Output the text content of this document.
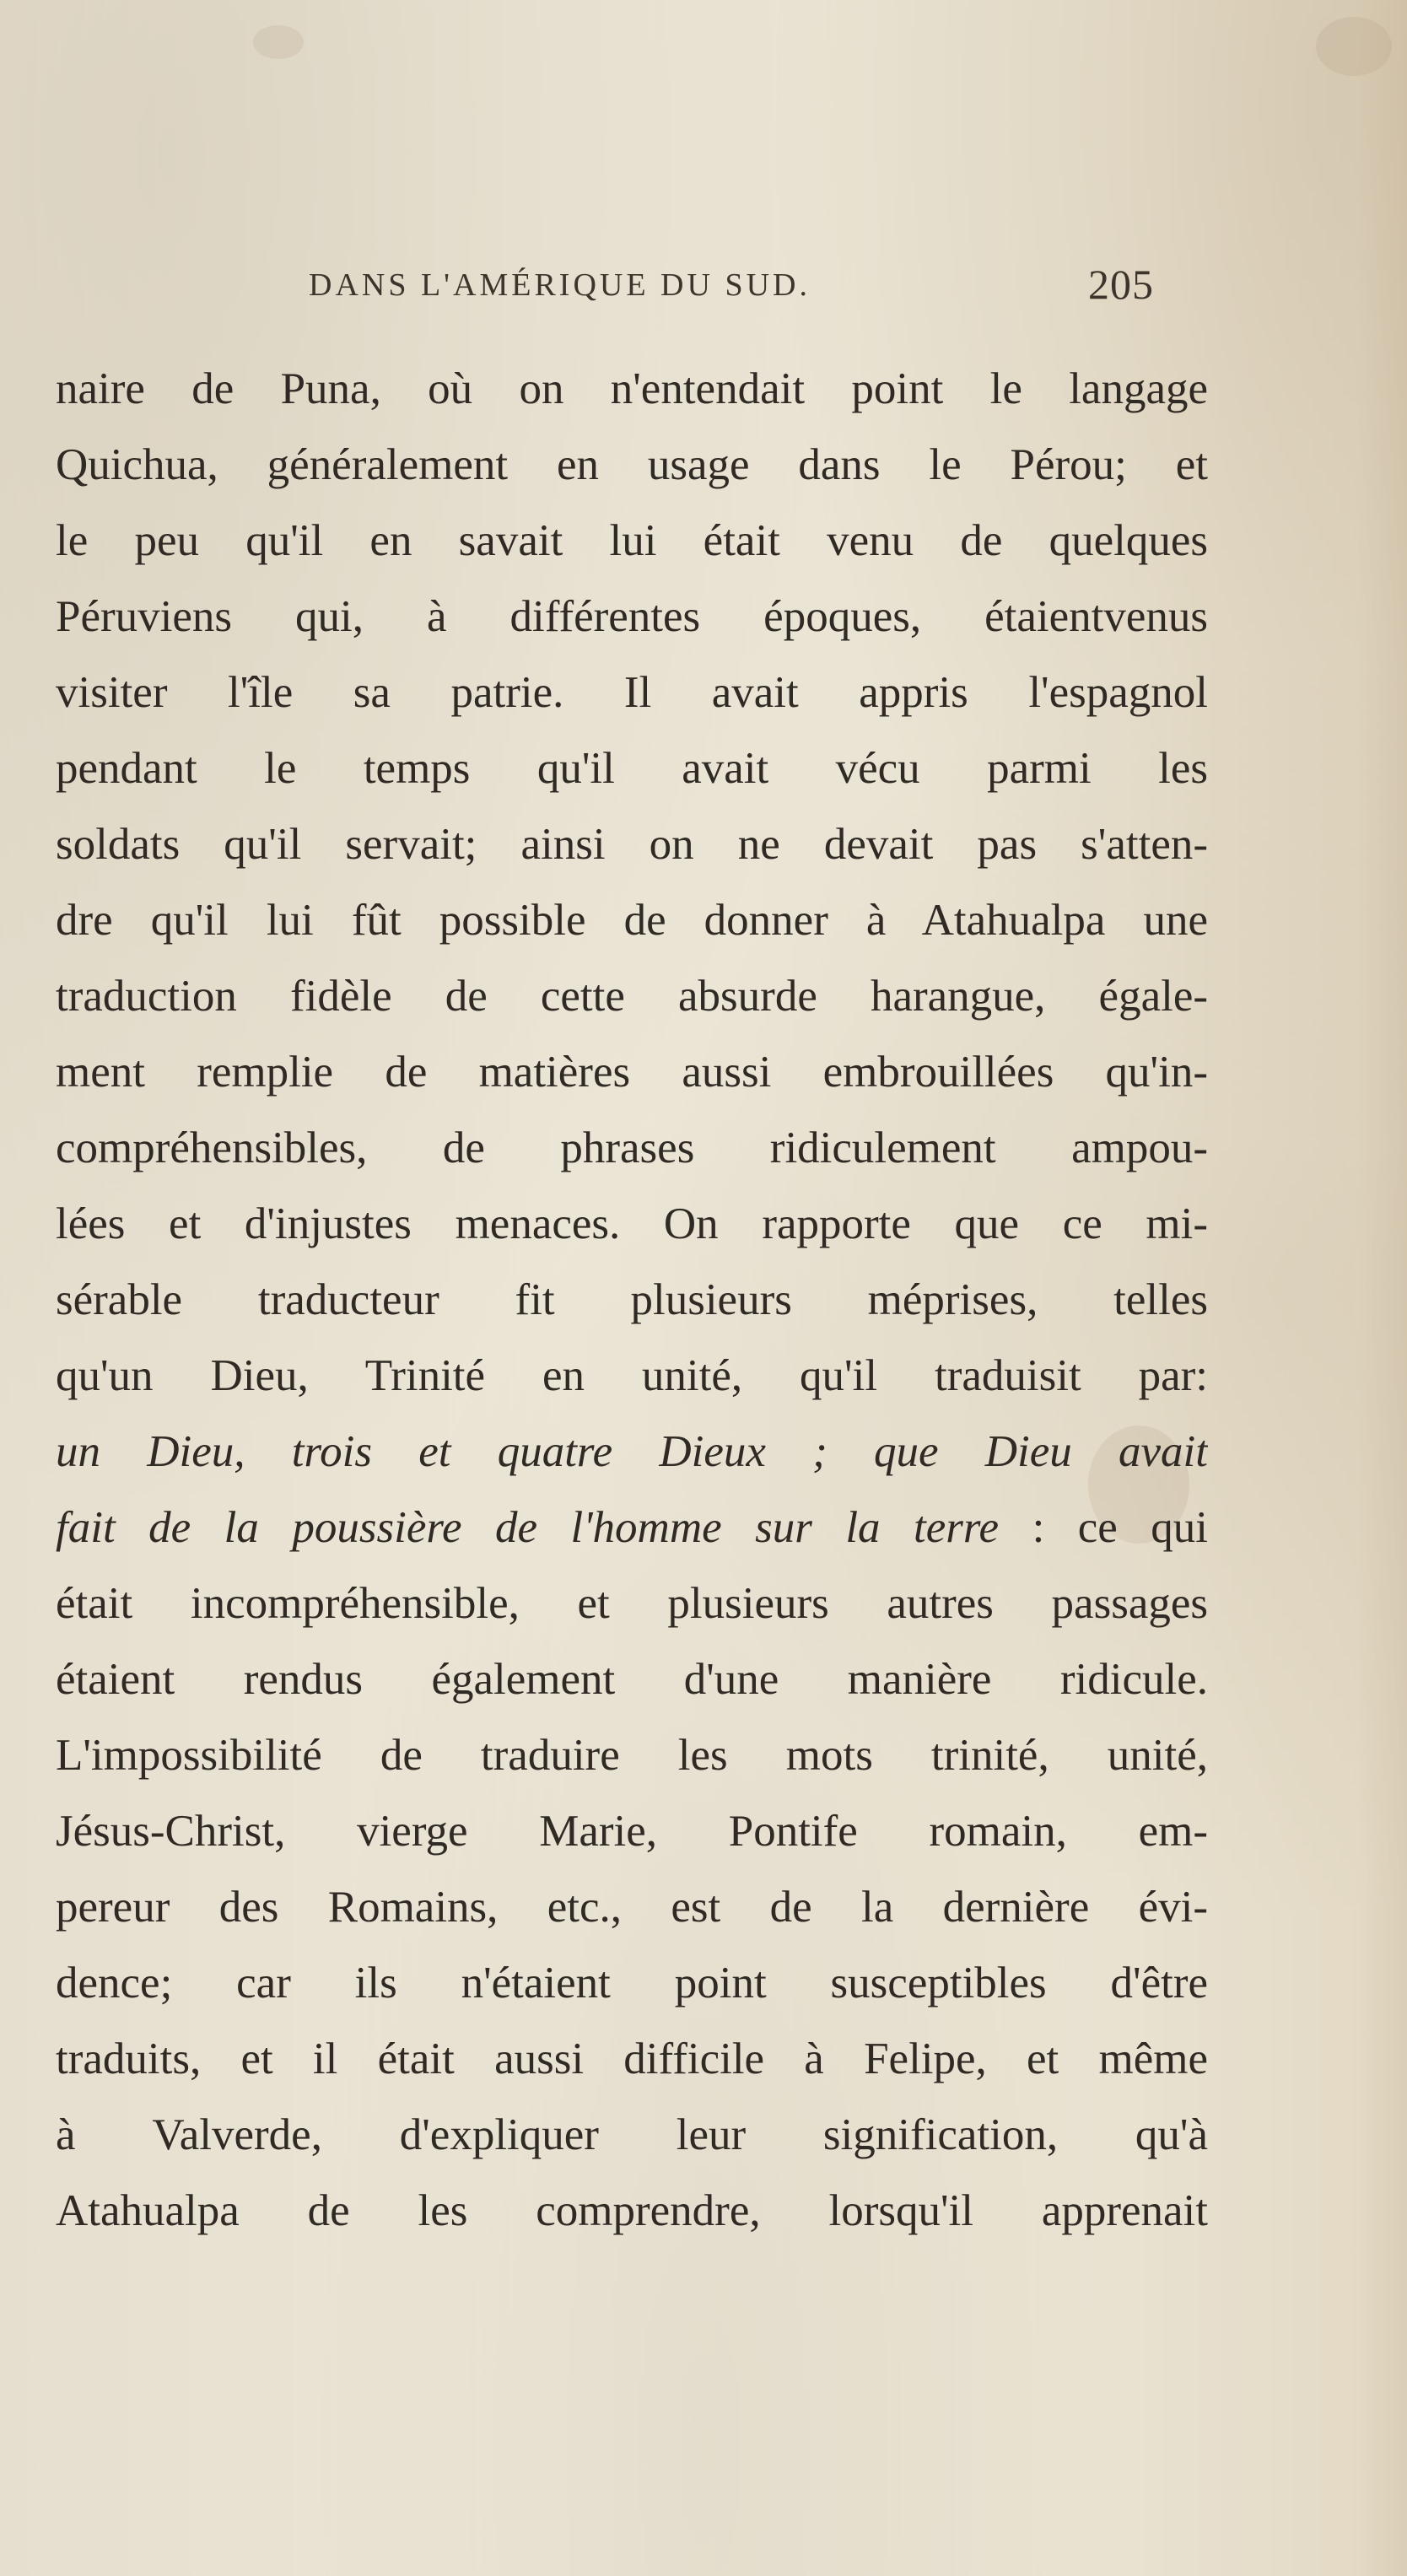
DANS L'AMÉRIQUE DU SUD.	205
naire de Puna, où on n'entendait point le langage
Quichua, généralement en usage dans le Pérou; et
le peu qu'il en savait lui était venu de quelques
Péruviens qui, à différentes époques, étaientvenus
visiter l'île sa patrie. Il avait appris l'espagnol
pendant le temps qu'il avait vécu parmi les
soldats qu'il servait; ainsi on ne devait pas s'atten-
dre qu'il lui fût possible de donner à Atahualpa une
traduction fidèle de cette absurde harangue, égale-
ment remplie de matières aussi embrouillées qu'in-
compréhensibles, de phrases ridiculement ampou-
lées et d'injustes menaces. On rapporte que ce mi-
sérable traducteur fit plusieurs méprises, telles
qu'un Dieu, Trinité en unité, qu'il traduisit par:
un Dieu, trois et quatre Dieux ; que Dieu avait
fait de la poussière de l'homme sur la terre : ce qui
était incompréhensible, et plusieurs autres passages
étaient rendus également d'une manière ridicule.
L'impossibilité de traduire les mots trinité, unité,
Jésus-Christ, vierge Marie, Pontife romain, em-
pereur des Romains, etc., est de la dernière évi-
dence; car ils n'étaient point susceptibles d'être
traduits, et il était aussi difficile à Felipe, et même
à Valverde, d'expliquer leur signification, qu'à
Atahualpa de les comprendre, lorsqu'il apprenait
